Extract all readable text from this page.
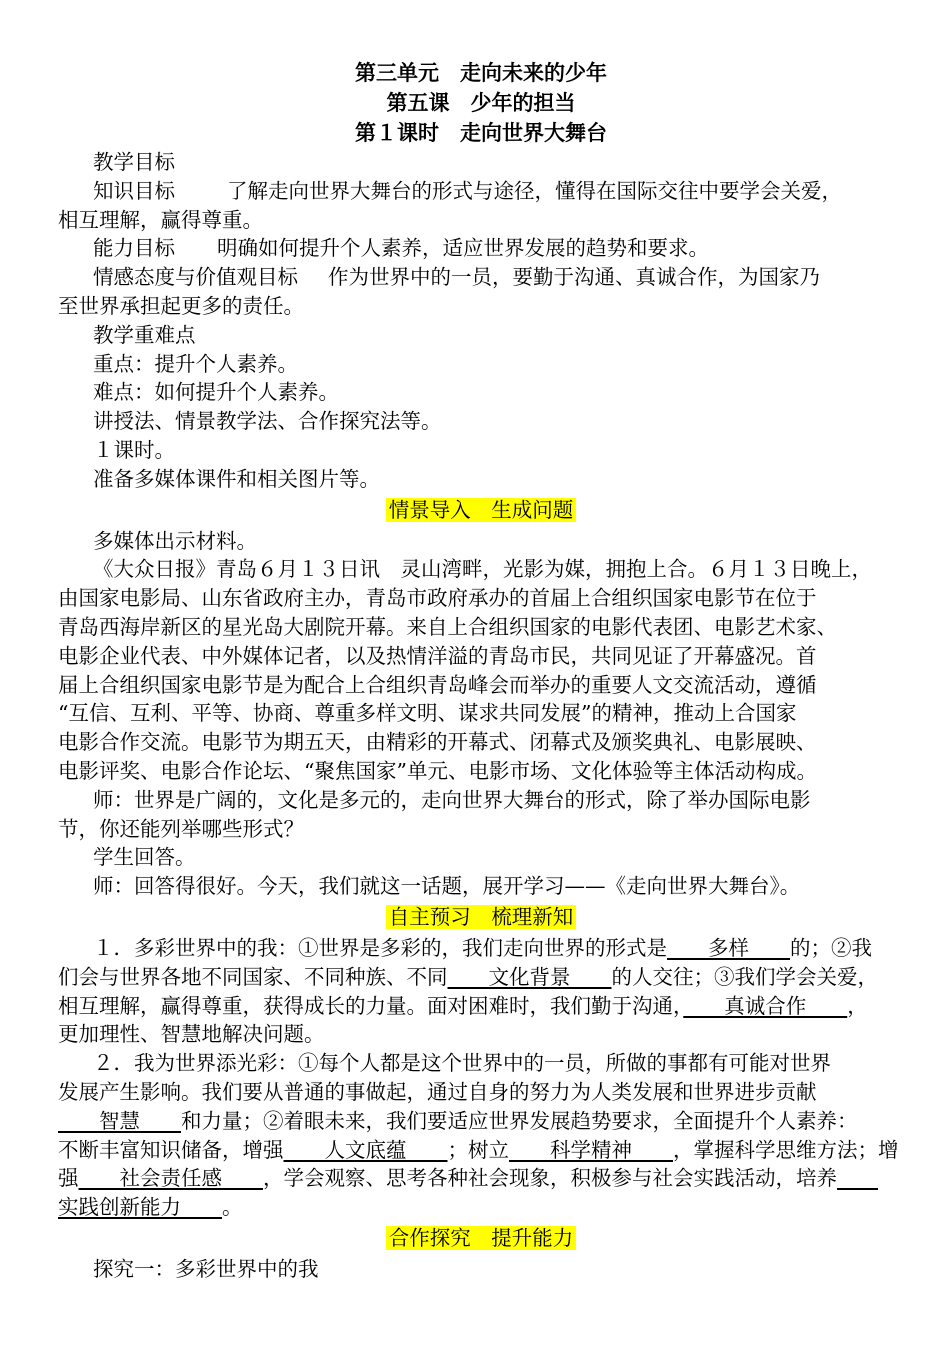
第三单元　走向未来的少年
第五课　少年的担当
第１课时　走向世界大舞台
教学目标
知识目标	了解走向世界大舞台的形式与途径，懂得在国际交往中要学会关爱，
相互理解，赢得尊重。
能力目标 明确如何提升个人素养，适应世界发展的趋势和要求。
情感态度与价值观目标 作为世界中的一员，要勤于沟通、真诚合作，为国家乃
至世界承担起更多的责任。
教学重难点
重点：提升个人素养。
难点：如何提升个人素养。
讲授法、情景教学法、合作探究法等。
１课时。
准备多媒体课件和相关图片等。
情景导入　生成问题
多媒体出示材料。
《大众日报》青岛６月１３日讯　灵山湾畔，光影为媒，拥抱上合。６月１３日晚上，
由国家电影局、山东省政府主办，青岛市政府承办的首届上合组织国家电影节在位于
青岛西海岸新区的星光岛大剧院开幕。来自上合组织国家的电影代表团、电影艺术家、
电影企业代表、中外媒体记者，以及热情洋溢的青岛市民，共同见证了开幕盛况。首
届上合组织国家电影节是为配合上合组织青岛峰会而举办的重要人文交流活动，遵循
“互信、互利、平等、协商、尊重多样文明、谋求共同发展”的精神，推动上合国家
电影合作交流。电影节为期五天，由精彩的开幕式、闭幕式及颁奖典礼、电影展映、
电影评奖、电影合作论坛、“聚焦国家”单元、电影市场、文化体验等主体活动构成。
师：世界是广阔的，文化是多元的，走向世界大舞台的形式，除了举办国际电影
节，你还能列举哪些形式？
学生回答。
师：回答得很好。今天，我们就这一话题，展开学习——《走向世界大舞台》。
自主预习　梳理新知
１．多彩世界中的我：①世界是多彩的，我们走向世界的形式是　　多样　　的；②我
们会与世界各地不同国家、不同种族、不同　　文化背景　　的人交往；③我们学会关爱，
相互理解，赢得尊重，获得成长的力量。面对困难时，我们勤于沟通，　　真诚合作　　，
更加理性、智慧地解决问题。
２．我为世界添光彩：①每个人都是这个世界中的一员，所做的事都有可能对世界
发展产生影响。我们要从普通的事做起，通过自身的努力为人类发展和世界进步贡献
　　智慧　　和力量；②着眼未来，我们要适应世界发展趋势要求，全面提升个人素养：
不断丰富知识储备，增强　　人文底蕴　　；树立　　科学精神　　，掌握科学思维方法；增
强　　社会责任感　　，学会观察、思考各种社会现象，积极参与社会实践活动，培养　　
实践创新能力　　。
合作探究　提升能力
探究一：多彩世界中的我
